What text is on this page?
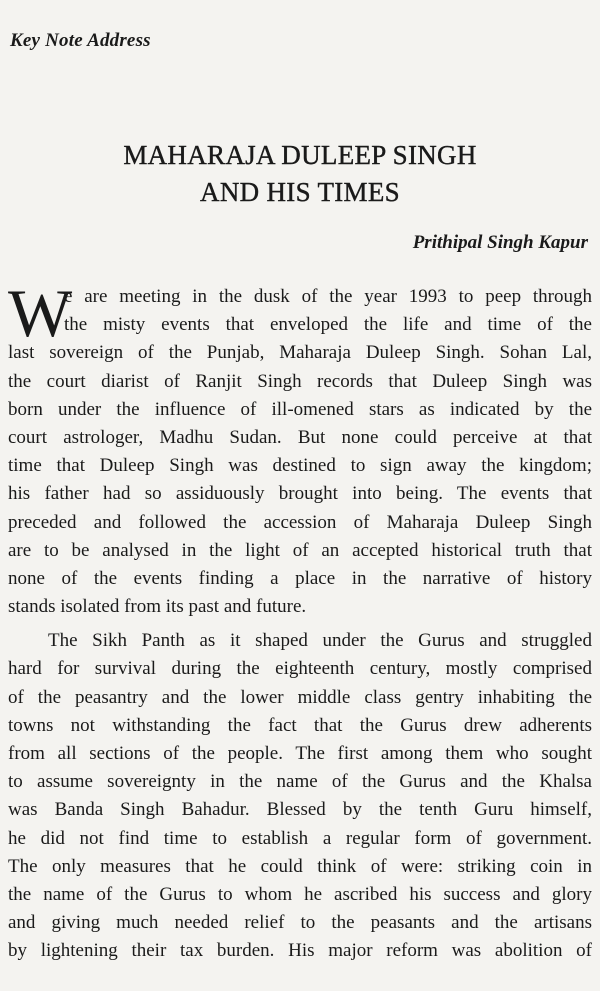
Key Note Address
MAHARAJA DULEEP SINGH
AND HIS TIMES
Prithipal Singh Kapur
W
e are meeting in the dusk of the year 1993 to peep through
the misty events that enveloped the life and time of the
last sovereign of the Punjab, Maharaja Duleep Singh. Sohan Lal,
the court diarist of Ranjit Singh records that Duleep Singh was
born under the influence of ill-omened stars as indicated by the
court astrologer, Madhu Sudan. But none could perceive at that
time that Duleep Singh was destined to sign away the kingdom;
his father had so assiduously brought into being. The events that
preceded and followed the accession of Maharaja Duleep Singh
are to be analysed in the light of an accepted historical truth that
none of the events finding a place in the narrative of history
stands isolated from its past and future.
The Sikh Panth as it shaped under the Gurus and struggled
hard for survival during the eighteenth century, mostly comprised
of the peasantry and the lower middle class gentry inhabiting the
towns not withstanding the fact that the Gurus drew adherents
from all sections of the people. The first among them who sought
to assume sovereignty in the name of the Gurus and the Khalsa
was Banda Singh Bahadur. Blessed by the tenth Guru himself,
he did not find time to establish a regular form of government.
The only measures that he could think of were: striking coin in
the name of the Gurus to whom he ascribed his success and glory
and giving much needed relief to the peasants and the artisans
by lightening their tax burden. His major reform was abolition of
